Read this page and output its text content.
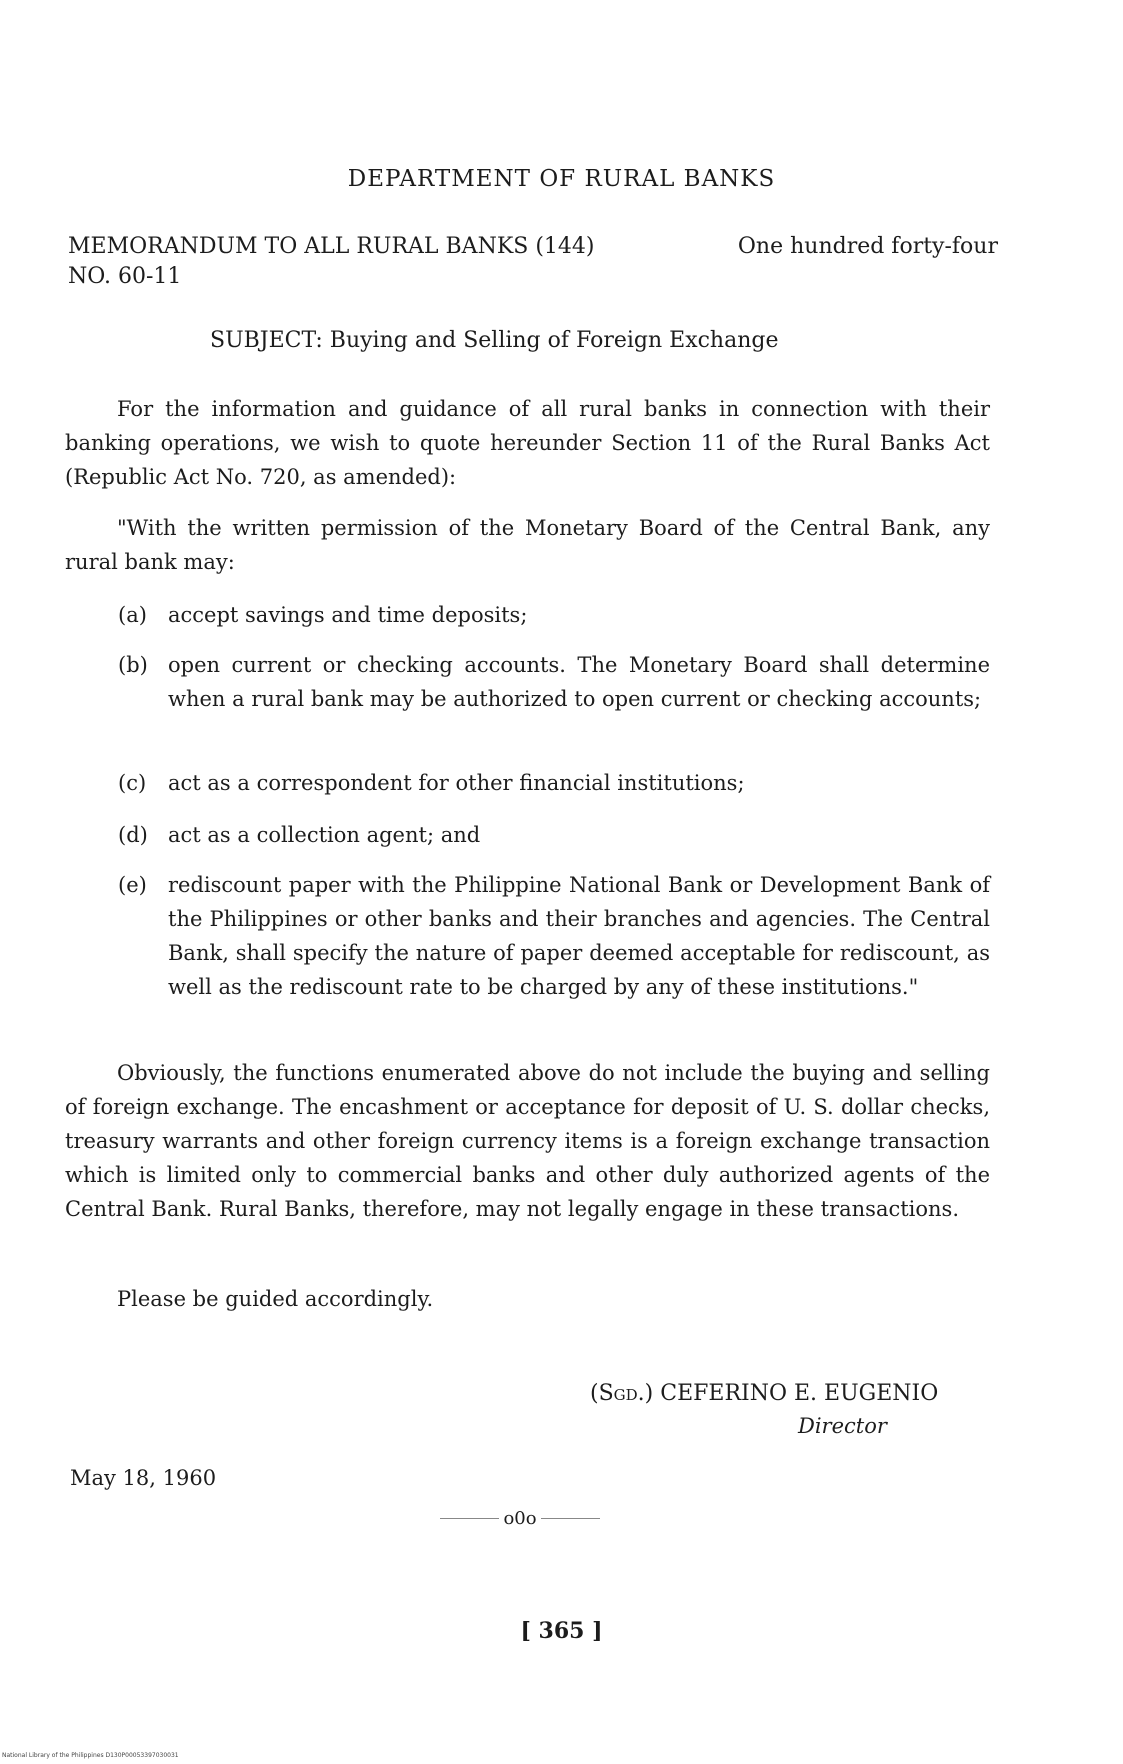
DEPARTMENT OF RURAL BANKS
MEMORANDUM TO ALL RURAL BANKS (144)	One hundred forty-four
NO. 60-11
SUBJECT: Buying and Selling of Foreign Exchange
For the information and guidance of all rural banks in connection with their banking operations, we wish to quote hereunder Section 11 of the Rural Banks Act (Republic Act No. 720, as amended):
"With the written permission of the Monetary Board of the Central Bank, any rural bank may:
(a)	accept savings and time deposits;
(b) open current or checking accounts. The Monetary Board shall determine when a rural bank may be authorized to open current or checking accounts;
(c)	act as a correspondent for other financial institutions;
(d) act as a collection agent; and
(e)	rediscount paper with the Philippine National Bank or Development Bank of the Philippines or other banks and their branches and agencies. The Central Bank, shall specify the nature of paper deemed acceptable for rediscount, as well as the rediscount rate to be charged by any of these institutions."
Obviously, the functions enumerated above do not include the buying and selling of foreign exchange. The encashment or acceptance for deposit of U. S. dollar checks, treasury warrants and other foreign currency items is a foreign exchange transaction which is limited only to commercial banks and other duly authorized agents of the Central Bank. Rural Banks, therefore, may not legally engage in these transactions.
Please be guided accordingly.
(Sgd.) CEFERINO E. EUGENIO
Director
May 18, 1960
o0o
[ 365 ]
National Library of the Philippines D130P00053397030031
